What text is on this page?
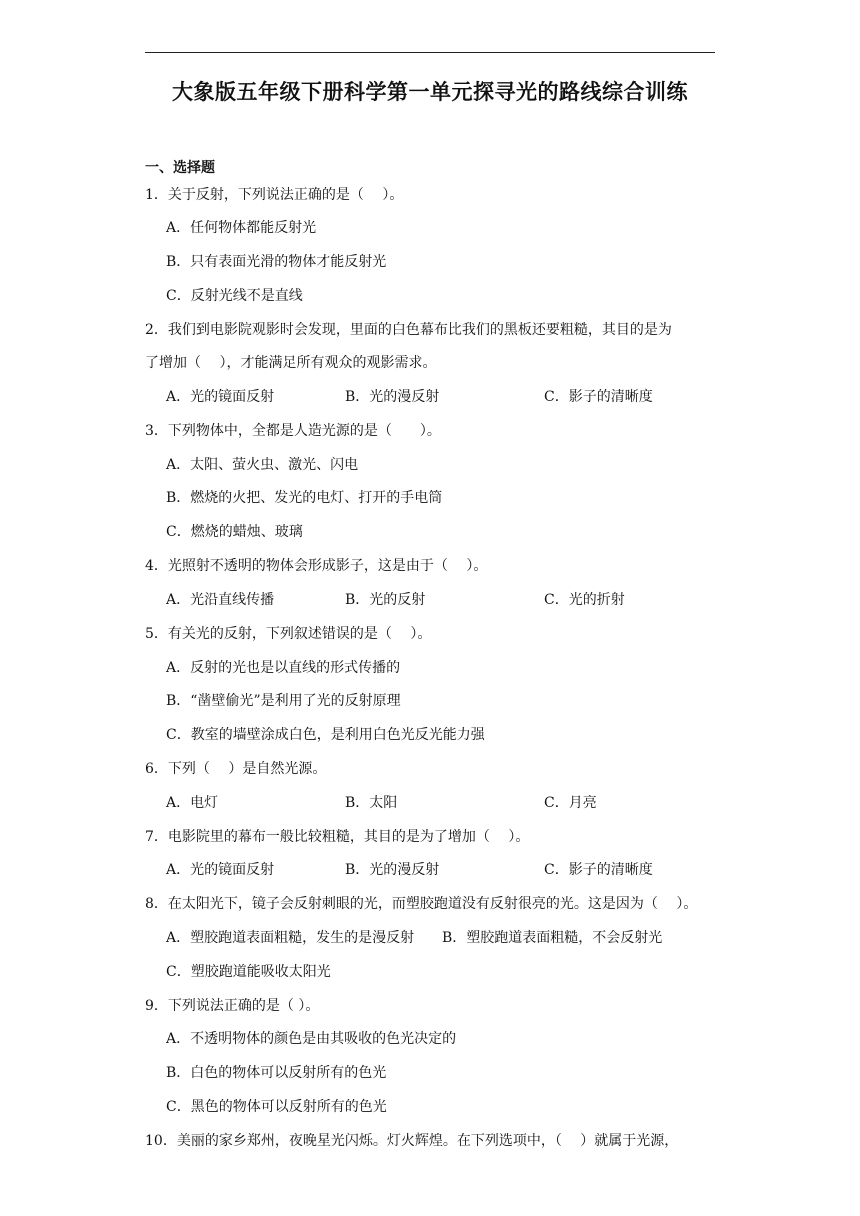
大象版五年级下册科学第一单元探寻光的路线综合训练
一、选择题
1．关于反射，下列说法正确的是（　 ）。
A．任何物体都能反射光
B．只有表面光滑的物体才能反射光
C．反射光线不是直线
2．我们到电影院观影时会发现，里面的白色幕布比我们的黑板还要粗糙，其目的是为
了增加（　 ），才能满足所有观众的观影需求。
A．光的镜面反射	B．光的漫反射	C．影子的清晰度
3．下列物体中，全都是人造光源的是（　　）。
A．太阳、萤火虫、激光、闪电
B．燃烧的火把、发光的电灯、打开的手电筒
C．燃烧的蜡烛、玻璃
4．光照射不透明的物体会形成影子，这是由于（　 ）。
A．光沿直线传播	B．光的反射	C．光的折射
5．有关光的反射，下列叙述错误的是（　 ）。
A．反射的光也是以直线的形式传播的
B．“凿壁偷光”是利用了光的反射原理
C．教室的墙壁涂成白色，是利用白色光反光能力强
6．下列（　 ）是自然光源。
A．电灯	B．太阳	C．月亮
7．电影院里的幕布一般比较粗糙，其目的是为了增加（　 ）。
A．光的镜面反射	B．光的漫反射	C．影子的清晰度
8．在太阳光下，镜子会反射刺眼的光，而塑胶跑道没有反射很亮的光。这是因为（　 ）。
A．塑胶跑道表面粗糙，发生的是漫反射 B．塑胶跑道表面粗糙，不会反射光
C．塑胶跑道能吸收太阳光
9．下列说法正确的是（ ）。
A．不透明物体的颜色是由其吸收的色光决定的
B．白色的物体可以反射所有的色光
C．黑色的物体可以反射所有的色光
10．美丽的家乡郑州，夜晚星光闪烁。灯火辉煌。在下列选项中，（　 ）就属于光源，
